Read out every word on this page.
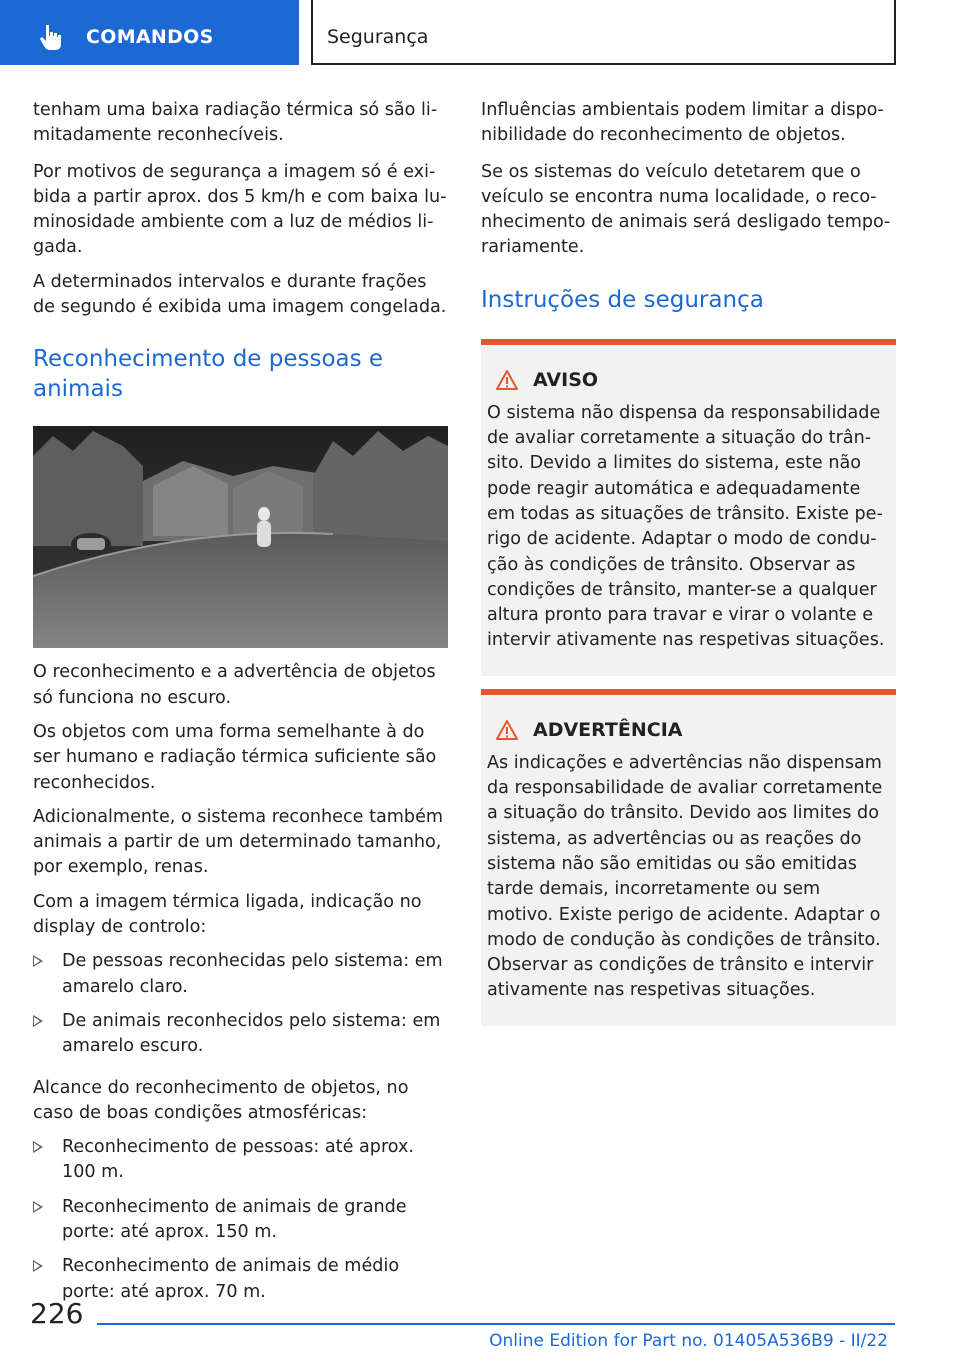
COMANDOS	Segurança

tenham uma baixa radiação térmica só são limitadamente reconhecíveis.

Por motivos de segurança a imagem só é exibida a partir aprox. dos 5 km/h e com baixa luminosidade ambiente com a luz de médios ligada.

A determinados intervalos e durante frações de segundo é exibida uma imagem congelada.

Reconhecimento de pessoas e animais

O reconhecimento e a advertência de objetos só funciona no escuro.

Os objetos com uma forma semelhante à do ser humano e radiação térmica suficiente são reconhecidos.

Adicionalmente, o sistema reconhece também animais a partir de um determinado tamanho, por exemplo, renas.

Com a imagem térmica ligada, indicação no display de controlo:

De pessoas reconhecidas pelo sistema: em amarelo claro.
De animais reconhecidos pelo sistema: em amarelo escuro.

Alcance do reconhecimento de objetos, no caso de boas condições atmosféricas:

Reconhecimento de pessoas: até aprox. 100 m.
Reconhecimento de animais de grande porte: até aprox. 150 m.
Reconhecimento de animais de médio porte: até aprox. 70 m.

Influências ambientais podem limitar a disponibilidade do reconhecimento de objetos.

Se os sistemas do veículo detetarem que o veículo se encontra numa localidade, o reconhecimento de animais será desligado temporariamente.

Instruções de segurança
AVISO

O sistema não dispensa da responsabilidade de avaliar corretamente a situação do trânsito. Devido a limites do sistema, este não pode reagir automática e adequadamente em todas as situações de trânsito. Existe perigo de acidente. Adaptar o modo de condução às condições de trânsito. Observar as condições de trânsito, manter-se a qualquer altura pronto para travar e virar o volante e intervir ativamente nas respetivas situações.

ADVERTÊNCIA

As indicações e advertências não dispensam da responsabilidade de avaliar corretamente a situação do trânsito. Devido aos limites do sistema, as advertências ou as reações do sistema não são emitidas ou são emitidas tarde demais, incorretamente ou sem motivo. Existe perigo de acidente. Adaptar o modo de condução às condições de trânsito. Observar as condições de trânsito e intervir ativamente nas respetivas situações.

226
Online Edition for Part no. 01405A536B9 - II/22
